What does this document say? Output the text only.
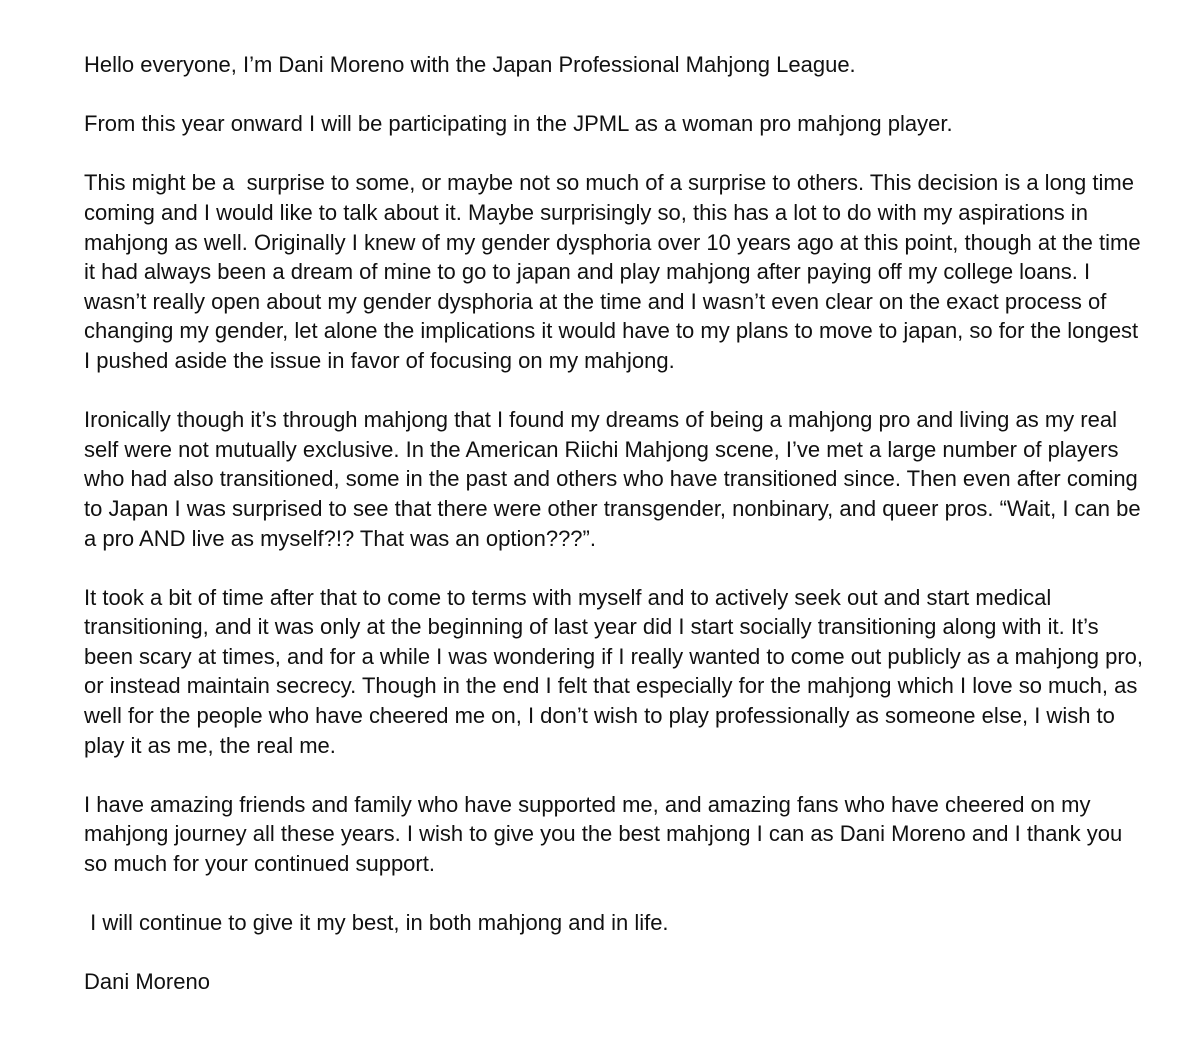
Hello everyone, I’m Dani Moreno with the Japan Professional Mahjong League.

From this year onward I will be participating in the JPML as a woman pro mahjong player.

This might be a  surprise to some, or maybe not so much of a surprise to others. This decision is a long time coming and I would like to talk about it. Maybe surprisingly so, this has a lot to do with my aspirations in mahjong as well. Originally I knew of my gender dysphoria over 10 years ago at this point, though at the time it had always been a dream of mine to go to japan and play mahjong after paying off my college loans. I wasn’t really open about my gender dysphoria at the time and I wasn’t even clear on the exact process of changing my gender, let alone the implications it would have to my plans to move to japan, so for the longest I pushed aside the issue in favor of focusing on my mahjong.

Ironically though it’s through mahjong that I found my dreams of being a mahjong pro and living as my real self were not mutually exclusive. In the American Riichi Mahjong scene, I’ve met a large number of players who had also transitioned, some in the past and others who have transitioned since. Then even after coming to Japan I was surprised to see that there were other transgender, nonbinary, and queer pros. “Wait, I can be a pro AND live as myself?!? That was an option???”.

It took a bit of time after that to come to terms with myself and to actively seek out and start medical transitioning, and it was only at the beginning of last year did I start socially transitioning along with it. It’s been scary at times, and for a while I was wondering if I really wanted to come out publicly as a mahjong pro, or instead maintain secrecy. Though in the end I felt that especially for the mahjong which I love so much, as well for the people who have cheered me on, I don’t wish to play professionally as someone else, I wish to play it as me, the real me.

I have amazing friends and family who have supported me, and amazing fans who have cheered on my mahjong journey all these years. I wish to give you the best mahjong I can as Dani Moreno and I thank you so much for your continued support.

I will continue to give it my best, in both mahjong and in life.

Dani Moreno
